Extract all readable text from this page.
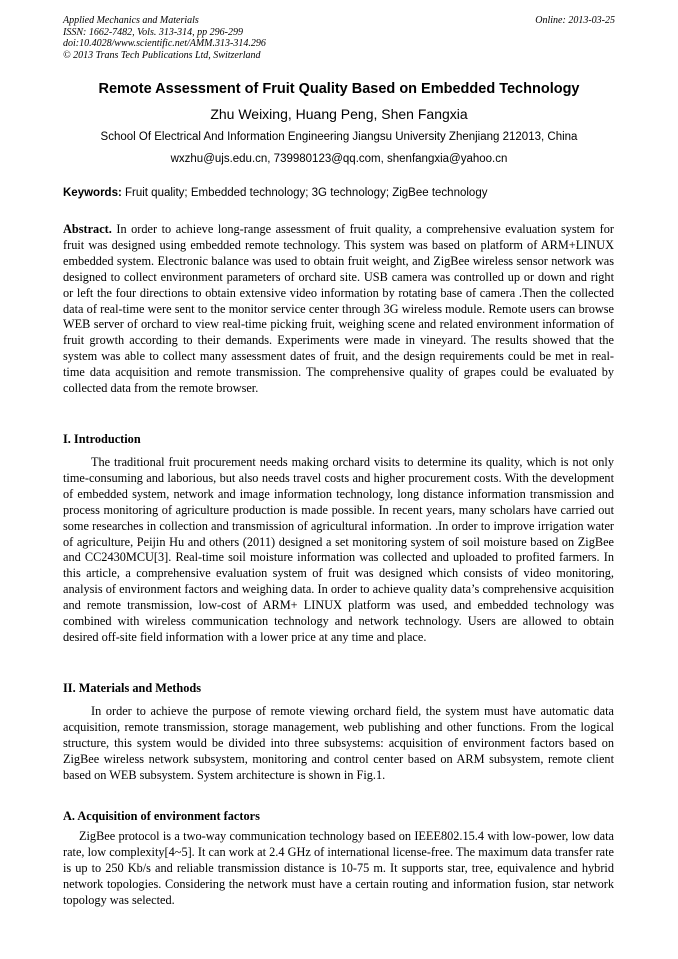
Applied Mechanics and Materials
ISSN: 1662-7482, Vols. 313-314, pp 296-299
doi:10.4028/www.scientific.net/AMM.313-314.296
© 2013 Trans Tech Publications Ltd, Switzerland
Online: 2013-03-25
Remote Assessment of Fruit Quality Based on Embedded Technology
Zhu Weixing, Huang Peng, Shen Fangxia
School Of Electrical And Information Engineering Jiangsu University Zhenjiang 212013, China
wxzhu@ujs.edu.cn, 739980123@qq.com, shenfangxia@yahoo.cn
Keywords: Fruit quality; Embedded technology; 3G technology; ZigBee technology
Abstract. In order to achieve long-range assessment of fruit quality, a comprehensive evaluation system for fruit was designed using embedded remote technology. This system was based on platform of ARM+LINUX embedded system. Electronic balance was used to obtain fruit weight, and ZigBee wireless sensor network was designed to collect environment parameters of orchard site. USB camera was controlled up or down and right or left the four directions to obtain extensive video information by rotating base of camera .Then the collected data of real-time were sent to the monitor service center through 3G wireless module. Remote users can browse WEB server of orchard to view real-time picking fruit, weighing scene and related environment information of fruit growth according to their demands. Experiments were made in vineyard. The results showed that the system was able to collect many assessment dates of fruit, and the design requirements could be met in real-time data acquisition and remote transmission. The comprehensive quality of grapes could be evaluated by collected data from the remote browser.
I. Introduction
The traditional fruit procurement needs making orchard visits to determine its quality, which is not only time-consuming and laborious, but also needs travel costs and higher procurement costs. With the development of embedded system, network and image information technology, long distance information transmission and process monitoring of agriculture production is made possible. In recent years, many scholars have carried out some researches in collection and transmission of agricultural information. .In order to improve irrigation water of agriculture, Peijin Hu and others (2011) designed a set monitoring system of soil moisture based on ZigBee and CC2430MCU[3]. Real-time soil moisture information was collected and uploaded to profited farmers. In this article, a comprehensive evaluation system of fruit was designed which consists of video monitoring, analysis of environment factors and weighing data. In order to achieve quality data’s comprehensive acquisition and remote transmission, low-cost of ARM+ LINUX platform was used, and embedded technology was combined with wireless communication technology and network technology. Users are allowed to obtain desired off-site field information with a lower price at any time and place.
II. Materials and Methods
In order to achieve the purpose of remote viewing orchard field, the system must have automatic data acquisition, remote transmission, storage management, web publishing and other functions. From the logical structure, this system would be divided into three subsystems: acquisition of environment factors based on ZigBee wireless network subsystem, monitoring and control center based on ARM subsystem, remote client based on WEB subsystem. System architecture is shown in Fig.1.
A. Acquisition of environment factors
ZigBee protocol is a two-way communication technology based on IEEE802.15.4 with low-power, low data rate, low complexity[4~5]. It can work at 2.4 GHz of international license-free. The maximum data transfer rate is up to 250 Kb/s and reliable transmission distance is 10-75 m. It supports star, tree, equivalence and hybrid network topologies. Considering the network must have a certain routing and information fusion, star network topology was selected.
